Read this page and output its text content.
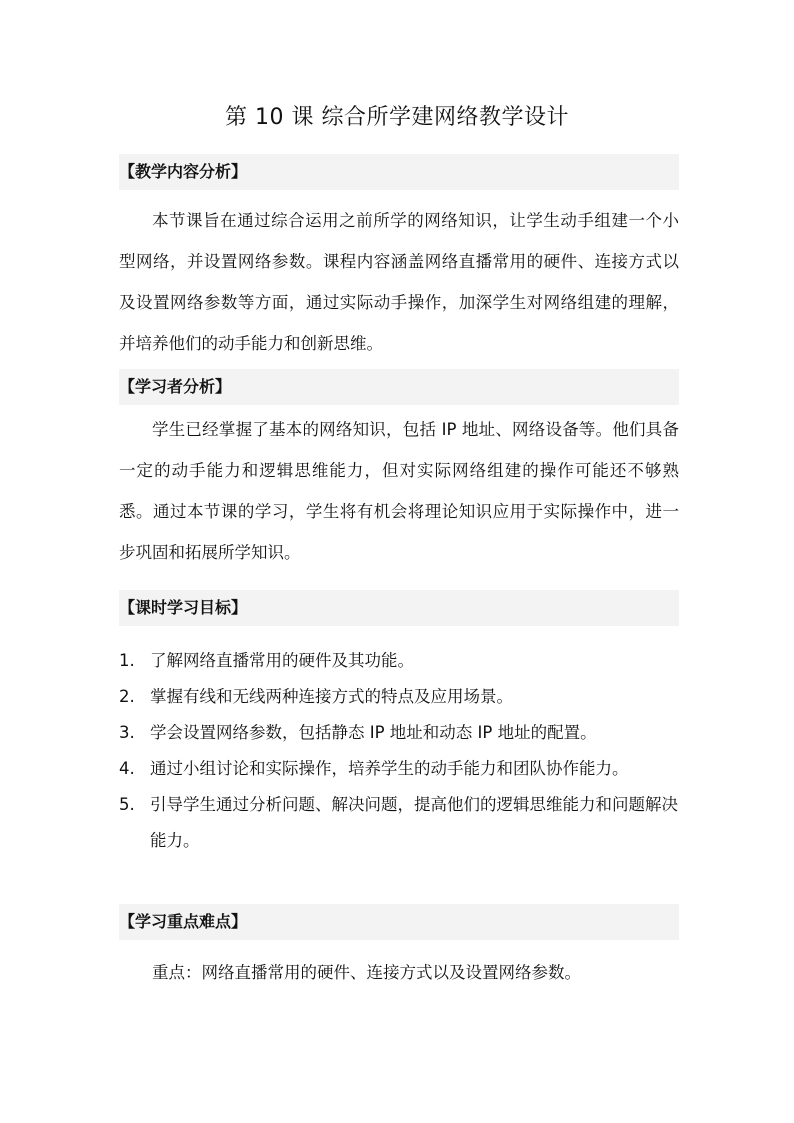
第 10 课 综合所学建网络教学设计
【教学内容分析】
本节课旨在通过综合运用之前所学的网络知识，让学生动手组建一个小型网络，并设置网络参数。课程内容涵盖网络直播常用的硬件、连接方式以及设置网络参数等方面，通过实际动手操作，加深学生对网络组建的理解，并培养他们的动手能力和创新思维。
【学习者分析】
学生已经掌握了基本的网络知识，包括 IP 地址、网络设备等。他们具备一定的动手能力和逻辑思维能力，但对实际网络组建的操作可能还不够熟悉。通过本节课的学习，学生将有机会将理论知识应用于实际操作中，进一步巩固和拓展所学知识。
【课时学习目标】
1. 了解网络直播常用的硬件及其功能。
2. 掌握有线和无线两种连接方式的特点及应用场景。
3. 学会设置网络参数，包括静态 IP 地址和动态 IP 地址的配置。
4. 通过小组讨论和实际操作，培养学生的动手能力和团队协作能力。
5. 引导学生通过分析问题、解决问题，提高他们的逻辑思维能力和问题解决能力。
【学习重点难点】
重点：网络直播常用的硬件、连接方式以及设置网络参数。
